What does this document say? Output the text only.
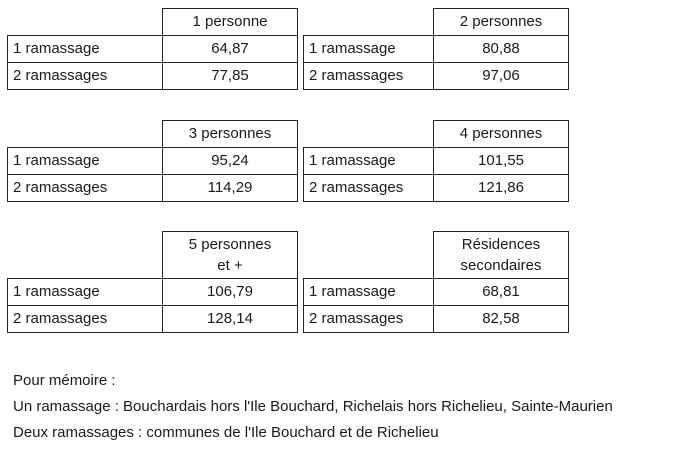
	1 personne
1 ramassage	64,87
2 ramassages	77,85
	2 personnes
1 ramassage	80,88
2 ramassages	97,06
	3 personnes
1 ramassage	95,24
2 ramassages	114,29
	4 personnes
1 ramassage	101,55
2 ramassages	121,86

	5 personnes
et +

1 ramassage	106,79
2 ramassages	128,14

	Résidences
secondaires

1 ramassage	68,81
2 ramassages	82,58
Pour mémoire :
Un ramassage : Bouchardais hors l'Ile Bouchard, Richelais hors Richelieu, Sainte-Maurien
Deux ramassages : communes de l'Ile Bouchard et de Richelieu
